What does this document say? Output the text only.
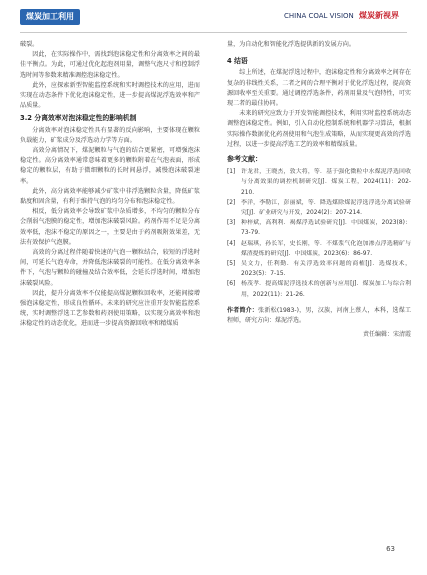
煤炭加工利用	CHINA COAL VISION 煤炭新视界

破裂。

因此，在实际操作中，需找到泡沫稳定性和分离效率之间的最佳平衡点。为此，可通过优化起泡剂用量，调整气泡尺寸和控制浮选时间等参数来精准调控泡沫稳定性。

此外，应探索新型智能监控系统和实时调控技术的应用，进而实现在动态条件下优化泡沫稳定性，进一步提高煤泥浮选效率和产品质量。

3.2 分离效率对泡沫稳定性的影响机制

分离效率对泡沫稳定性具有显著的反向影响，主要体现在颗粒负载能力，矿浆成分及浮选动力学等方面。

高效分离情况下，煤泥颗粒与气泡的结合更紧密，可增强泡沫稳定性。高分离效率通常意味着更多的颗粒附着在气泡表面，形成稳定的颗粒层，有助于微细颗粒的长时间悬浮，减慢泡沫破裂速率。

此外，高分离效率能够减少矿浆中非浮选颗粒含量，降低矿浆黏度和固含量，有利于维持气泡的均匀分布和泡沫稳定性。

相反，低分离效率会导致矿浆中杂质增多，不均匀的颗粒分布会削弱气泡膜的稳定性，增加泡沫破裂风险。药剂作用不足是分离效率低，泡沫不稳定的原因之一，主要是由于药剂吸附效果差，无法有效保护气泡膜。

高效的分离过程伴随着快速的气泡一颗粒结合，较短的浮选时间，可延长气泡寿命，并降低泡沫破裂的可能性。在低分离效率条件下，气泡与颗粒的碰撞及结合效率低，会延长浮选时间，增加泡沫破裂风险。

因此，提升分离效率不仅能提高煤泥颗粒回收率，还能间接增强泡沫稳定性，形成良性循环。未来的研究应注重开发智能监控系统，实时调整浮选工艺参数和药剂使用策略，以实现分离效率和泡沫稳定性的动态优化，进而进一步提高资源回收率和精煤质

量，为自动化和智能化浮选提供新的发展方向。

4 结语

综上所述，在煤泥浮选过程中，泡沫稳定性和分离效率之间存在复杂的非线性关系，二者之间的合理平衡对于优化浮选过程，提高资源回收率至关重要。通过调控浮选条件，药剂用量及气泡特性，可实现二者的最佳协同。

未来的研究应致力于开发智能调控技术，利用实时监控系统动态调整泡沫稳定性。例如，引入自动化控制系统和机器学习算法，根据实际操作数据优化药剂使用和气泡生成策略，从而实现更高效的浮选过程，以进一步提高浮选工艺的效率和精煤质量。

参考文献：
[1] 许龙君，王晓杰，敦大将，等．基于强化微粒中水煤泥浮选回收与分离效果的调控机制研究[J]．煤炭工程，2024(11)：202-210.
[2] 李洋，李勒江，彭丽斌，等．降选煤除煤泥浮选浮选分离试验研究[J]．矿业研究与开发，2024(2)：207-214.
[3] 种梓斌，高利利．褐煤浮选试验研究[J]．中国煤炭，2023(8)：73-79.
[4] 赵瑞琪，孙长军，史长刚，等．不煤浆气化泡加渗点浮选精矿与煤渣提炼的研究[J]．中国煤炭，2023(6)：86-97.
[5] 吴文力，任利勤．有关浮选效率问题的商榷[J]．选煤技术，2023(5)：7-15.
[6] 杨茂孝．提高煤泥浮选技术的创新与应用[J]．煤炭加工与综合利用，2022(11)：21-26.
作者简介：张新松(1983-)，男，汉族，河南上蔡人，本科，选煤工程师，研究方向：煤泥浮选。
责任编辑：宋清霞
63
